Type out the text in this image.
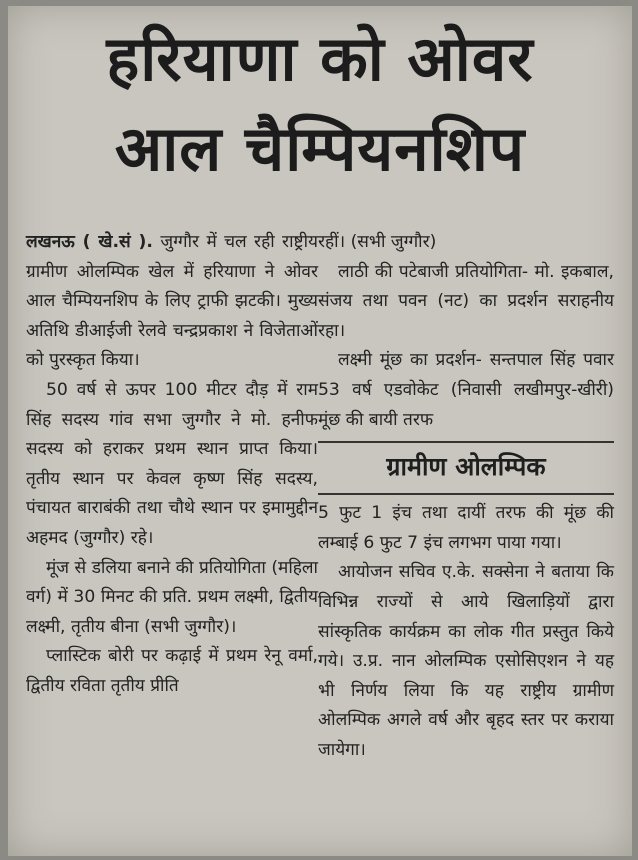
हरियाणा को ओवर
आल चैम्पियनशिप

लखनऊ ( खे.सं ). जुग्गौर में चल रही राष्ट्रीय ग्रामीण ओलम्पिक खेल में हरियाणा ने ओवर आल चैम्पियनशिप के लिए ट्राफी झटकी। मुख्य अतिथि डीआईजी रेलवे चन्द्रप्रकाश ने विजेताओं को पुरस्कृत किया।

50 वर्ष से ऊपर 100 मीटर दौड़ में राम सिंह सदस्य गांव सभा जुग्गौर ने मो. हनीफ सदस्य को हराकर प्रथम स्थान प्राप्त किया। तृतीय स्थान पर केवल कृष्ण सिंह सदस्य, पंचायत बाराबंकी तथा चौथे स्थान पर इमामुद्दीन अहमद (जुग्गौर) रहे।

मूंज से डलिया बनाने की प्रतियोगिता (महिला वर्ग) में 30 मिनट की प्रति. प्रथम लक्ष्मी, द्वितीय लक्ष्मी, तृतीय बीना (सभी जुग्गौर)।

प्लास्टिक बोरी पर कढ़ाई में प्रथम रेनू वर्मा, द्वितीय रविता तृतीय प्रीति

रहीं। (सभी जुग्गौर)

लाठी की पटेबाजी प्रतियोगिता- मो. इकबाल, संजय तथा पवन (नट) का प्रदर्शन सराहनीय रहा।

लक्ष्मी मूंछ का प्रदर्शन- सन्तपाल सिंह पवार 53 वर्ष एडवोकेट (निवासी लखीमपुर-खीरी) मूंछ की बायी तरफ

ग्रामीण ओलम्पिक

5 फुट 1 इंच तथा दायीं तरफ की मूंछ की लम्बाई 6 फुट 7 इंच लगभग पाया गया।

आयोजन सचिव ए.के. सक्सेना ने बताया कि विभिन्न राज्यों से आये खिलाड़ियों द्वारा सांस्कृतिक कार्यक्रम का लोक गीत प्रस्तुत किये गये। उ.प्र. नान ओलम्पिक एसोसिएशन ने यह भी निर्णय लिया कि यह राष्ट्रीय ग्रामीण ओलम्पिक अगले वर्ष और बृहद स्तर पर कराया जायेगा।
